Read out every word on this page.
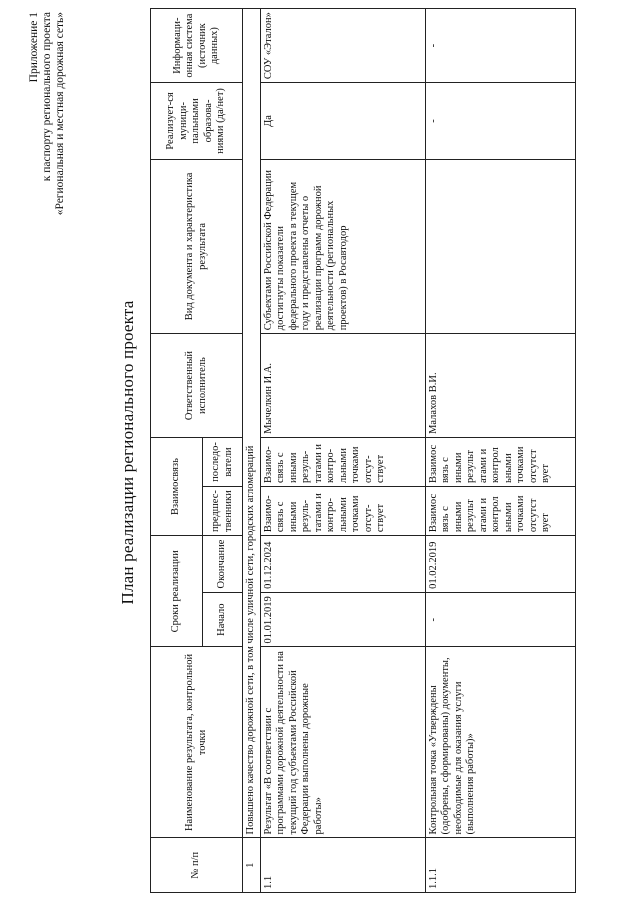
Приложение 1 к паспорту регионального проекта «Региональная и местная дорожная сеть»
План реализации регионального проекта
№ п/п	Наименование результата, контрольной точки	Сроки реализации		Взаимосвязь		Ответственный исполнитель	Вид документа и характеристика результата	Реализует-ся муници-пальными образова-ниями (да/нет)	Информаци-онная система (источник данных)
		Начало	Окончание	предшес-твенники	последо-ватели				
1	Повышено качество дорожной сети, в том числе уличной сети, городских агломераций								
1.1	Результат «В соответствии с программами дорожной деятельности на текущий год субъектами Российской Федерации выполнены дорожные работы»	01.01.2019	01.12.2024	Взаимо-связь с иными резуль-татами и контро-льными точками отсут-ствует	Взаимо-связь с иными резуль-татами и контро-льными точками отсут-ствует	Мычелкин И.А.	Субъектами Российской Федерации достигнуты показатели федерального проекта в текущем году и представлены отчеты о реализации программ дорожной деятельности (региональных проектов) в Росавтодор	Да	СОУ «Эталон»
1.1.1	Контрольная точка «Утверждены (одобрены, сформированы) документы, необходимые для оказания услуги (выполнения работы)»	-	01.02.2019	Взаимос вязь с иными результ атами и контрол ьными точками отсутст вует	Взаимос вязь с иными результ атами и контрол ьными точками отсутст вует	Малахов В.И.		-	-
